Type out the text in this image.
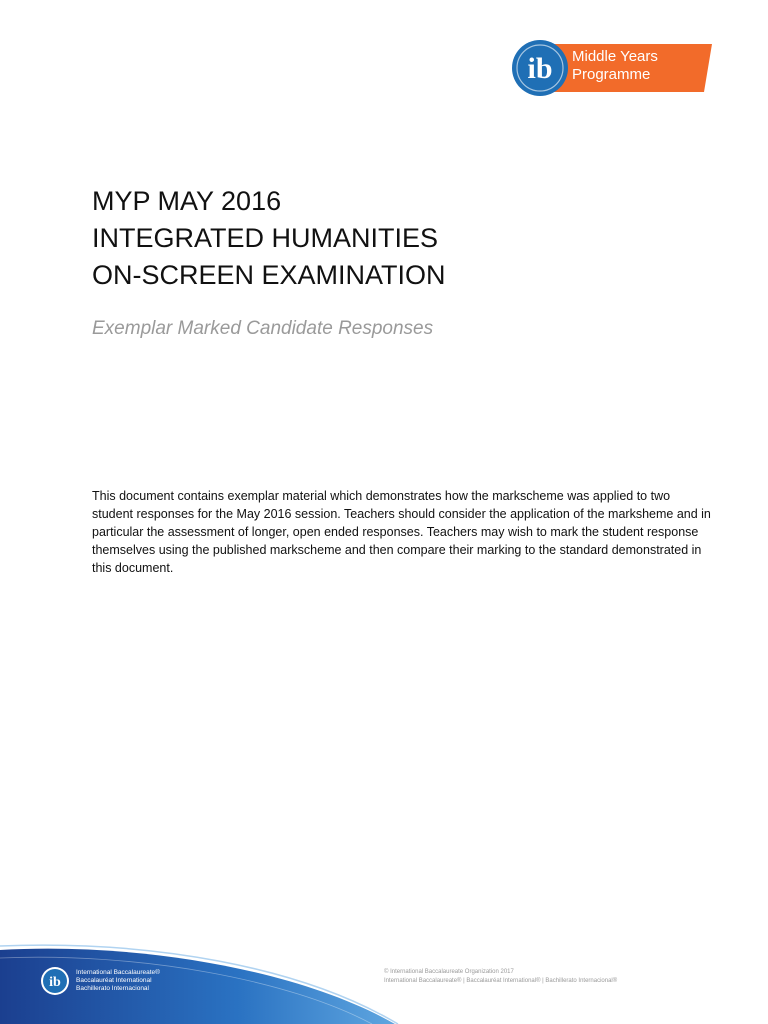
ib Middle Years
Programme
MYP MAY 2016
INTEGRATED HUMANITIES
ON-SCREEN EXAMINATION
Exemplar Marked Candidate Responses
This document contains exemplar material which demonstrates how the markscheme was applied to two student responses for the May 2016 session. Teachers should consider the application of the marksheme and in particular the assessment of longer, open ended responses. Teachers may wish to mark the student response themselves using the published markscheme and then compare their marking to the standard demonstrated in this document.
ib
International Baccalaureate®
Baccalauréat International
Bachillerato Internacional
© International Baccalaureate Organization 2017
International Baccalaureate® | Baccalauréat International® | Bachillerato Internacional®
